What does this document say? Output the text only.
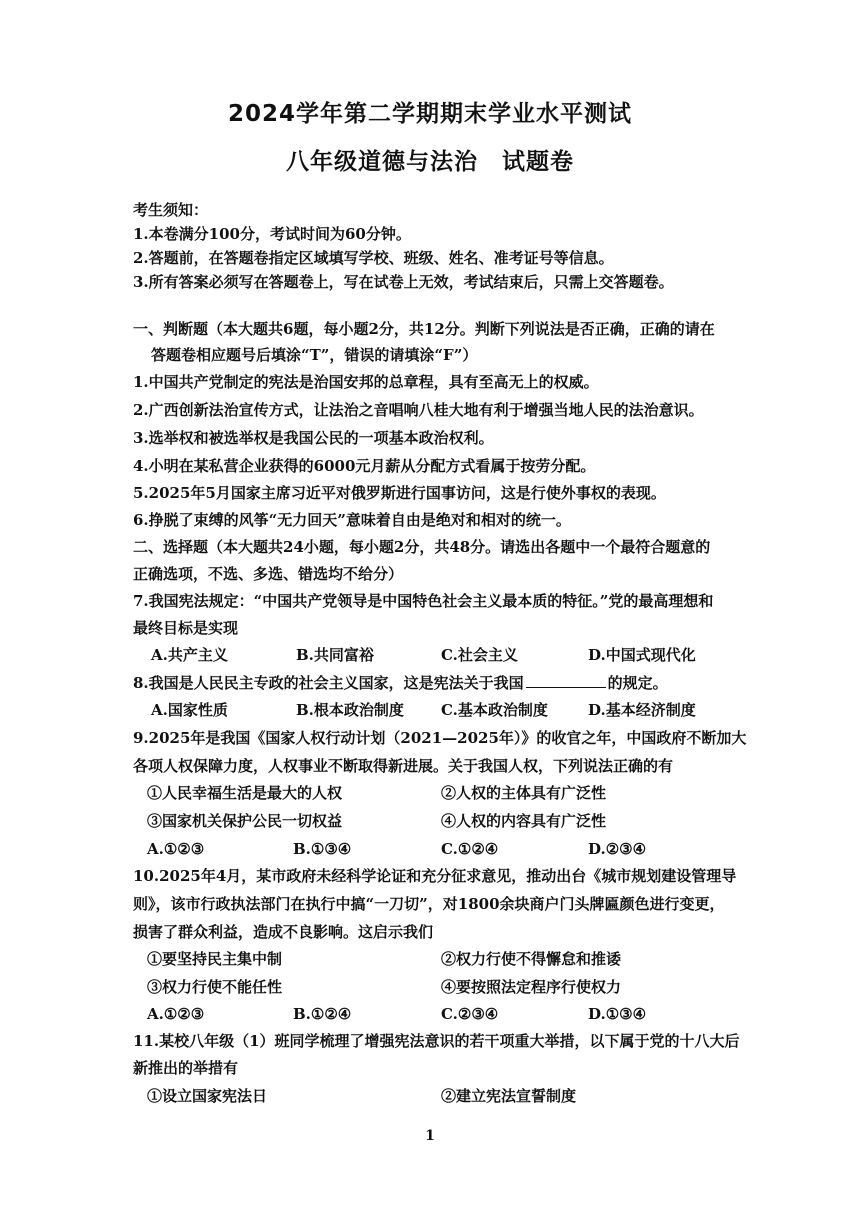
2024学年第二学期期末学业水平测试
八年级道德与法治　试题卷
考生须知：
1.本卷满分100分，考试时间为60分钟。
2.答题前，在答题卷指定区域填写学校、班级、姓名、准考证号等信息。
3.所有答案必须写在答题卷上，写在试卷上无效，考试结束后，只需上交答题卷。
一、判断题（本大题共6题，每小题2分，共12分。判断下列说法是否正确，正确的请在
答题卷相应题号后填涂“T”，错误的请填涂“F”）
1.中国共产党制定的宪法是治国安邦的总章程，具有至高无上的权威。
2.广西创新法治宣传方式，让法治之音唱响八桂大地有利于增强当地人民的法治意识。
3.选举权和被选举权是我国公民的一项基本政治权利。
4.小明在某私营企业获得的6000元月薪从分配方式看属于按劳分配。
5.2025年5月国家主席习近平对俄罗斯进行国事访问，这是行使外事权的表现。
6.挣脱了束缚的风筝“无力回天”意味着自由是绝对和相对的统一。
二、选择题（本大题共24小题，每小题2分，共48分。请选出各题中一个最符合题意的
正确选项，不选、多选、错选均不给分）
7.我国宪法规定：“中国共产党领导是中国特色社会主义最本质的特征。”党的最高理想和
最终目标是实现
A.共产主义	B.共同富裕	C.社会主义	D.中国式现代化
8.我国是人民民主专政的社会主义国家，这是宪法关于我国	的规定。
A.国家性质	B.根本政治制度 C.基本政治制度	D.基本经济制度
9.2025年是我国《国家人权行动计划（2021—2025年）》的收官之年，中国政府不断加大
各项人权保障力度，人权事业不断取得新进展。关于我国人权，下列说法正确的有
①人民幸福生活是最大的人权	②人权的主体具有广泛性
③国家机关保护公民一切权益	④人权的内容具有广泛性
A.①②③	B.①③④	C.①②④	D.②③④
10.2025年4月，某市政府未经科学论证和充分征求意见，推动出台《城市规划建设管理导
则》，该市行政执法部门在执行中搞“一刀切”，对1800余块商户门头牌匾颜色进行变更，
损害了群众利益，造成不良影响。这启示我们
①要坚持民主集中制	②权力行使不得懈怠和推诿
③权力行使不能任性	④要按照法定程序行使权力
A.①②③	B.①②④	C.②③④	D.①③④
11.某校八年级（1）班同学梳理了增强宪法意识的若干项重大举措，以下属于党的十八大后
新推出的举措有
①设立国家宪法日	②建立宪法宣誓制度
1
